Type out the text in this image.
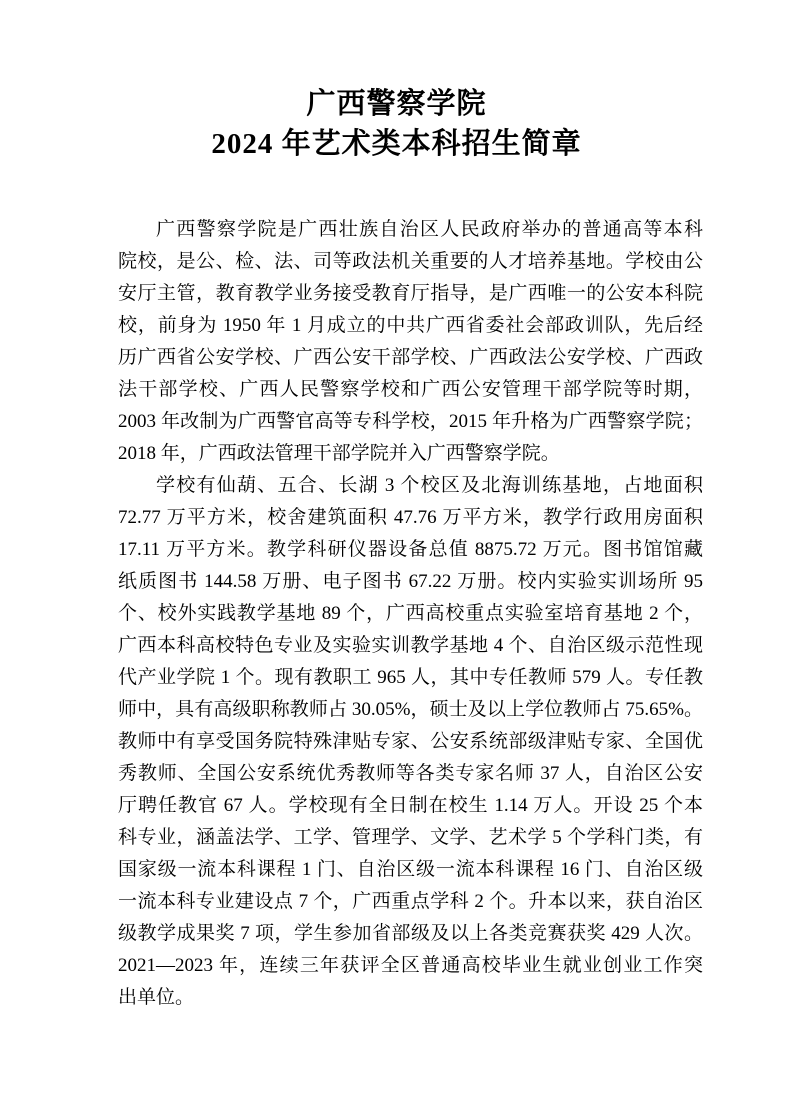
广西警察学院
2024 年艺术类本科招生简章
广西警察学院是广西壮族自治区人民政府举办的普通高等本科
院校，是公、检、法、司等政法机关重要的人才培养基地。学校由公
安厅主管，教育教学业务接受教育厅指导，是广西唯一的公安本科院
校，前身为 1950 年 1 月成立的中共广西省委社会部政训队，先后经
历广西省公安学校、广西公安干部学校、广西政法公安学校、广西政
法干部学校、广西人民警察学校和广西公安管理干部学院等时期，
2003 年改制为广西警官高等专科学校，2015 年升格为广西警察学院；
2018 年，广西政法管理干部学院并入广西警察学院。
学校有仙葫、五合、长湖 3 个校区及北海训练基地，占地面积
72.77 万平方米，校舍建筑面积 47.76 万平方米，教学行政用房面积
17.11 万平方米。教学科研仪器设备总值 8875.72 万元。图书馆馆藏
纸质图书 144.58 万册、电子图书 67.22 万册。校内实验实训场所 95
个、校外实践教学基地 89 个，广西高校重点实验室培育基地 2 个，
广西本科高校特色专业及实验实训教学基地 4 个、自治区级示范性现
代产业学院 1 个。现有教职工 965 人，其中专任教师 579 人。专任教
师中，具有高级职称教师占 30.05%，硕士及以上学位教师占 75.65%。
教师中有享受国务院特殊津贴专家、公安系统部级津贴专家、全国优
秀教师、全国公安系统优秀教师等各类专家名师 37 人，自治区公安
厅聘任教官 67 人。学校现有全日制在校生 1.14 万人。开设 25 个本
科专业，涵盖法学、工学、管理学、文学、艺术学 5 个学科门类，有
国家级一流本科课程 1 门、自治区级一流本科课程 16 门、自治区级
一流本科专业建设点 7 个，广西重点学科 2 个。升本以来，获自治区
级教学成果奖 7 项，学生参加省部级及以上各类竞赛获奖 429 人次。
2021—2023 年，连续三年获评全区普通高校毕业生就业创业工作突
出单位。
